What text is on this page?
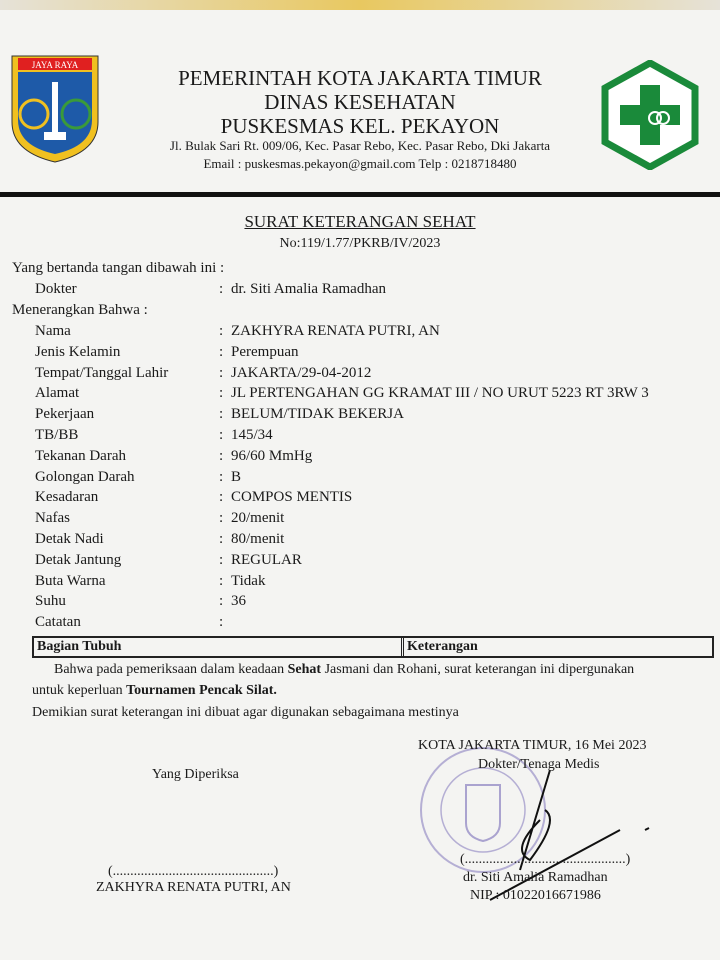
JAYA RAYA
PEMERINTAH KOTA JAKARTA TIMUR
DINAS KESEHATAN
PUSKESMAS KEL. PEKAYON
Jl. Bulak Sari Rt. 009/06, Kec. Pasar Rebo, Kec. Pasar Rebo, Dki Jakarta
Email : puskesmas.pekayon@gmail.com Telp : 0218718480
SURAT KETERANGAN SEHAT
No:119/1.77/PKRB/IV/2023
Yang bertanda tangan dibawah ini :
Dokter	: dr. Siti Amalia Ramadhan
Menerangkan Bahwa :
Nama	: ZAKHYRA RENATA PUTRI, AN
Jenis Kelamin	: Perempuan
Tempat/Tanggal Lahir	: JAKARTA/29-04-2012
Alamat	: JL PERTENGAHAN GG KRAMAT III / NO URUT 5223 RT 3RW 3
Pekerjaan	: BELUM/TIDAK BEKERJA
TB/BB	: 145/34
Tekanan Darah	: 96/60 MmHg
Golongan Darah	: B
Kesadaran	: COMPOS MENTIS
Nafas	: 20/menit
Detak Nadi	: 80/menit
Detak Jantung	: REGULAR
Buta Warna	: Tidak
Suhu	: 36
Catatan	:
Bagian Tubuh	Keterangan
Bahwa pada pemeriksaan dalam keadaan Sehat Jasmani dan Rohani, surat keterangan ini dipergunakan
untuk keperluan Tournamen Pencak Silat.
Demikian surat keterangan ini dibuat agar digunakan sebagaimana mestinya
KOTA JAKARTA TIMUR, 16 Mei 2023
Dokter/Tenaga Medis
Yang Diperiksa
(..............................................)
ZAKHYRA RENATA PUTRI, AN
(..............................................)
dr. Siti Amalia Ramadhan
NIP : 01022016671986
